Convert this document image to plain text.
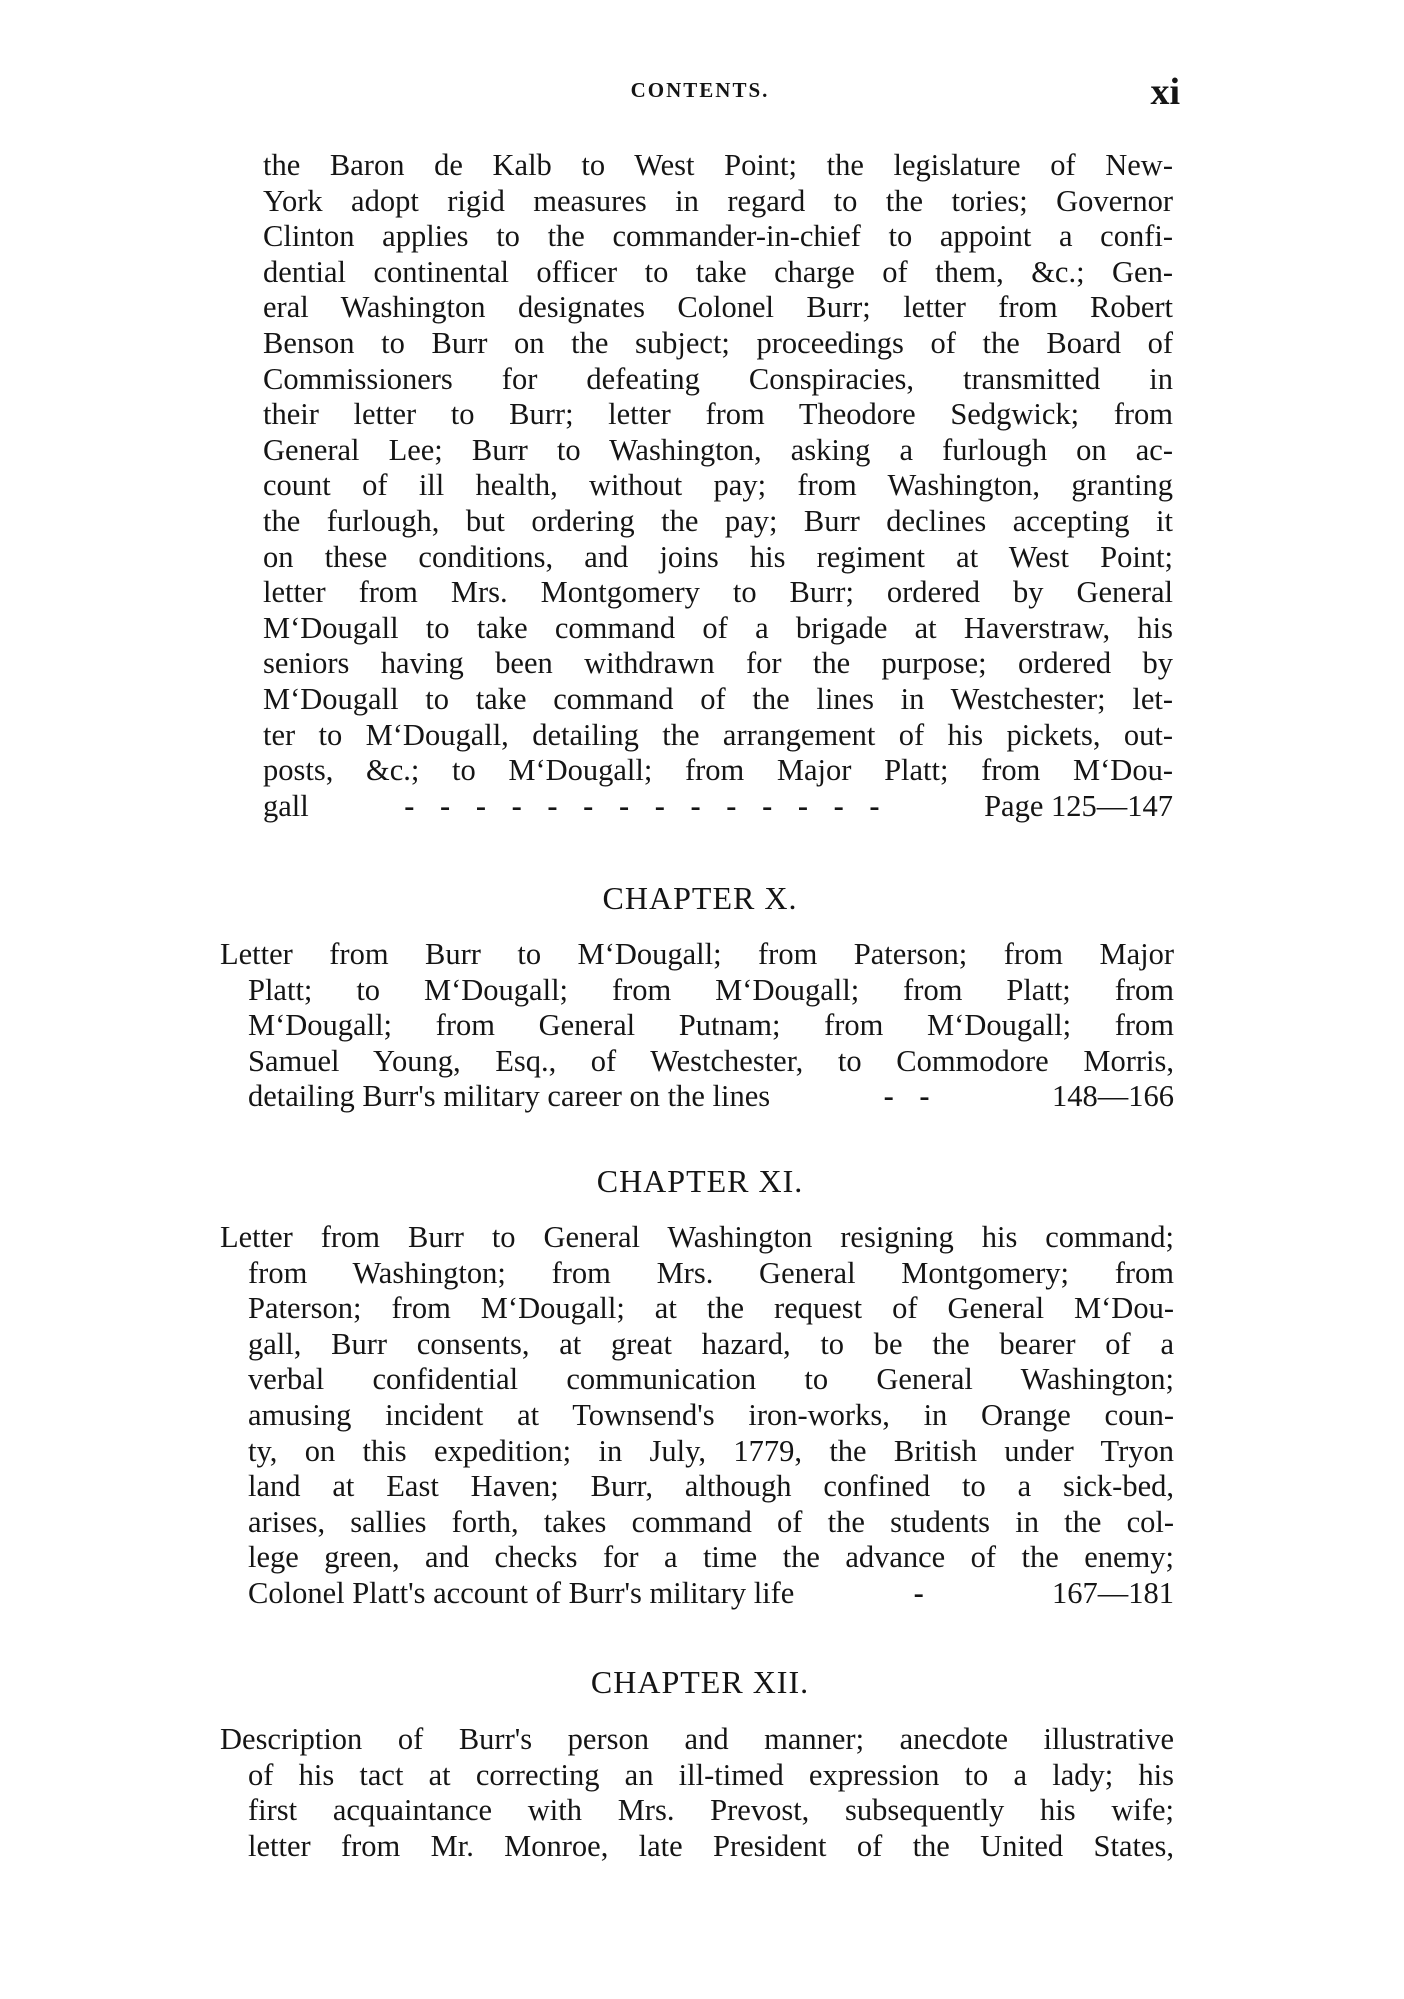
CONTENTS.	xi
the Baron de Kalb to West Point; the legislature of New-
York adopt rigid measures in regard to the tories; Governor
Clinton applies to the commander-in-chief to appoint a confi-
dential continental officer to take charge of them, &c.; Gen-
eral Washington designates Colonel Burr; letter from Robert
Benson to Burr on the subject; proceedings of the Board of
Commissioners for defeating Conspiracies, transmitted in
their letter to Burr; letter from Theodore Sedgwick; from
General Lee; Burr to Washington, asking a furlough on ac-
count of ill health, without pay; from Washington, granting
the furlough, but ordering the pay; Burr declines accepting it
on these conditions, and joins his regiment at West Point;
letter from Mrs. Montgomery to Burr; ordered by General
M‘Dougall to take command of a brigade at Haverstraw, his
seniors having been withdrawn for the purpose; ordered by
M‘Dougall to take command of the lines in Westchester; let-
ter to M‘Dougall, detailing the arrangement of his pickets, out-
posts, &c.; to M‘Dougall; from Major Platt; from M‘Dou-
gall	- - - - - - - - - - - - - -	Page 125—147
CHAPTER X.
Letter from Burr to M‘Dougall; from Paterson; from Major
Platt; to M‘Dougall; from M‘Dougall; from Platt; from
M‘Dougall; from General Putnam; from M‘Dougall; from
Samuel Young, Esq., of Westchester, to Commodore Morris,
detailing Burr's military career on the lines	- -	148—166
CHAPTER XI.
Letter from Burr to General Washington resigning his command;
from Washington; from Mrs. General Montgomery; from
Paterson; from M‘Dougall; at the request of General M‘Dou-
gall, Burr consents, at great hazard, to be the bearer of a
verbal confidential communication to General Washington;
amusing incident at Townsend's iron-works, in Orange coun-
ty, on this expedition; in July, 1779, the British under Tryon
land at East Haven; Burr, although confined to a sick-bed,
arises, sallies forth, takes command of the students in the col-
lege green, and checks for a time the advance of the enemy;
Colonel Platt's account of Burr's military life	-	167—181
CHAPTER XII.
Description of Burr's person and manner; anecdote illustrative
of his tact at correcting an ill-timed expression to a lady; his
first acquaintance with Mrs. Prevost, subsequently his wife;
letter from Mr. Monroe, late President of the United States,
